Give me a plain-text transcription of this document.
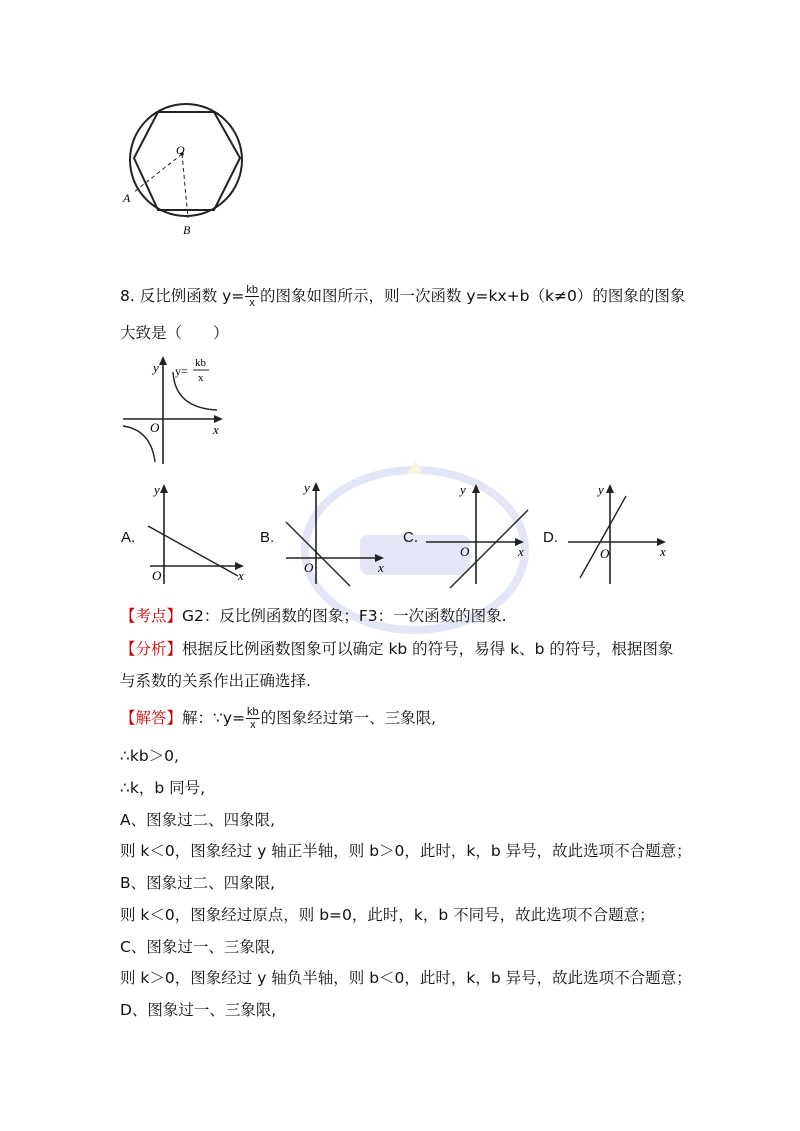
O
A
B
8. 反比例函数 $y= \frac{kb}{x}$ 的图象如图所示，则一次函数 y=kx+b（k≠0）的图象的图象
大致是（　　）
y
x
O
y=
kb
x
A.
y
x
O
B.
y
x
O
C.
y
x
O
D.
y
x
O
【考点】G2：反比例函数的图象；F3：一次函数的图象.
【分析】根据反比例函数图象可以确定 kb 的符号，易得 k、b 的符号，根据图象
与系数的关系作出正确选择.
【解答】解：∵y= $\frac{kb}{x}$ 的图象经过第一、三象限,
∴kb＞0,
∴k，b 同号,
A、图象过二、四象限,
则 k＜0，图象经过 y 轴正半轴，则 b＞0，此时，k，b 异号，故此选项不合题意；
B、图象过二、四象限,
则 k＜0，图象经过原点，则 b=0，此时，k，b 不同号，故此选项不合题意；
C、图象过一、三象限,
则 k＞0，图象经过 y 轴负半轴，则 b＜0，此时，k，b 异号，故此选项不合题意；
D、图象过一、三象限,
